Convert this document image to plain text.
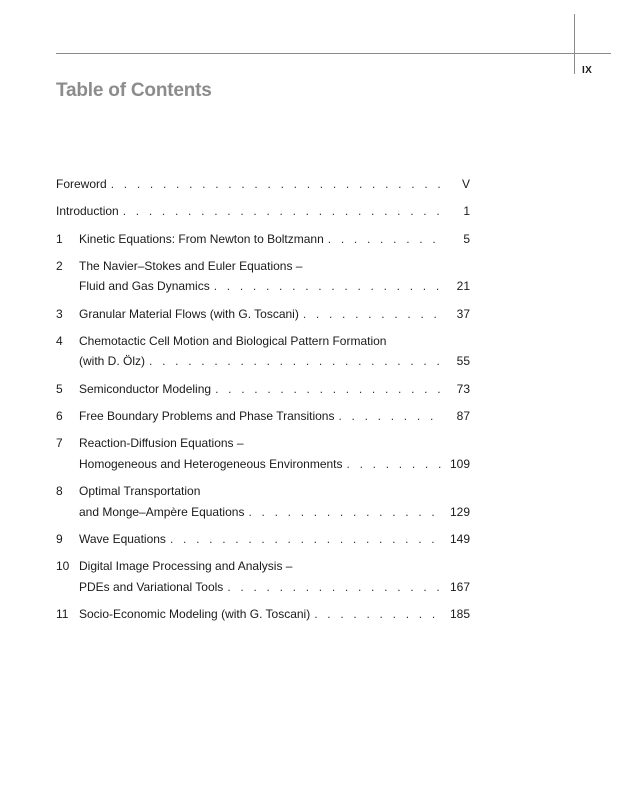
IX
Table of Contents
Foreword . . .	V
Introduction . . .	1
1	Kinetic Equations: From Newton to Boltzmann . . .	5
2	The Navier–Stokes and Euler Equations –
Fluid and Gas Dynamics . . .	21
3	Granular Material Flows (with G. Toscani) . . .	37
4	Chemotactic Cell Motion and Biological Pattern Formation
(with D. Ölz) . . .	55
5	Semiconductor Modeling . . .	73
6	Free Boundary Problems and Phase Transitions . . .	87
7	Reaction-Diffusion Equations –
Homogeneous and Heterogeneous Environments . . .	109
8	Optimal Transportation
and Monge–Ampère Equations . . .	129
9	Wave Equations . . .	149
10 Digital Image Processing and Analysis –
PDEs and Variational Tools . . .	167
11 Socio-Economic Modeling (with G. Toscani) . . .	185
